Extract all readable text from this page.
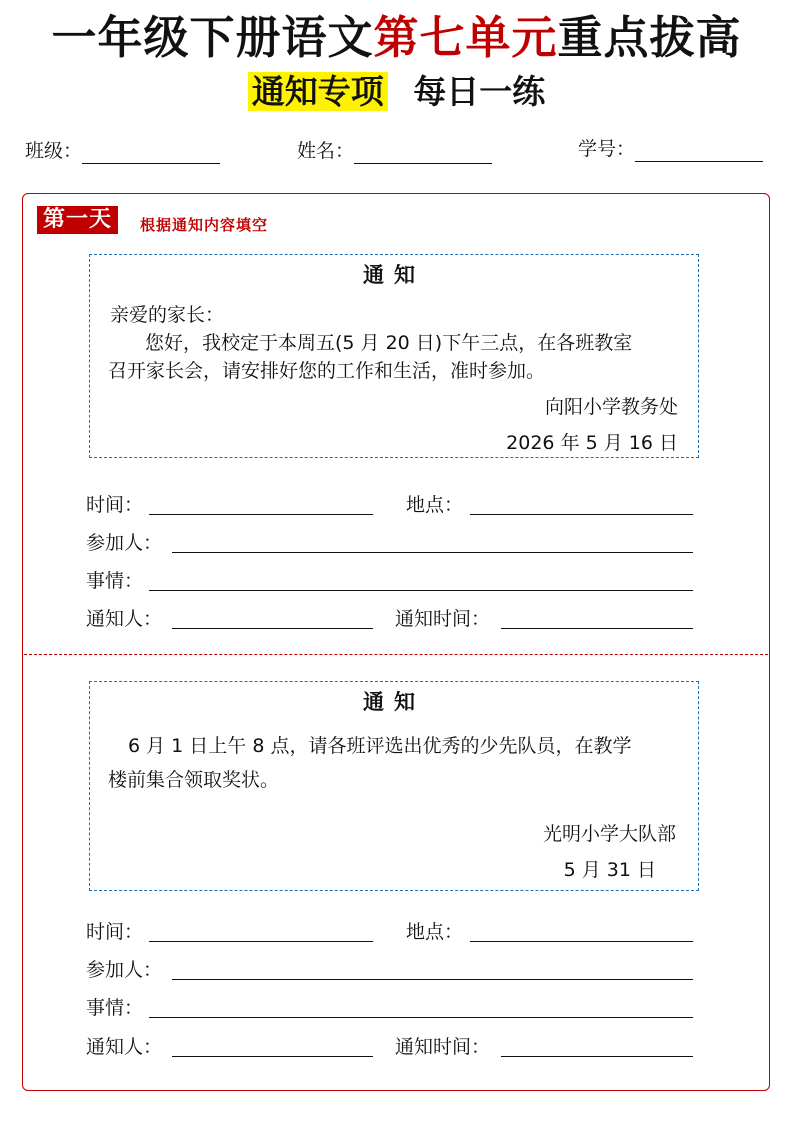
一年级下册语文第七单元重点拔高
通知专项 每日一练
班级：	姓名：	学号：
第一天	根据通知内容填空
通知
亲爱的家长：
您好，我校定于本周五(5 月 20 日)下午三点，在各班教室
召开家长会，请安排好您的工作和生活，准时参加。
向阳小学教务处
2026 年 5 月 16 日
时间：	地点：
参加人：
事情：
通知人：	通知时间：
通知
6 月 1 日上午 8 点，请各班评选出优秀的少先队员，在教学
楼前集合领取奖状。
光明小学大队部
5 月 31 日
时间：	地点：
参加人：
事情：
通知人：	通知时间：
